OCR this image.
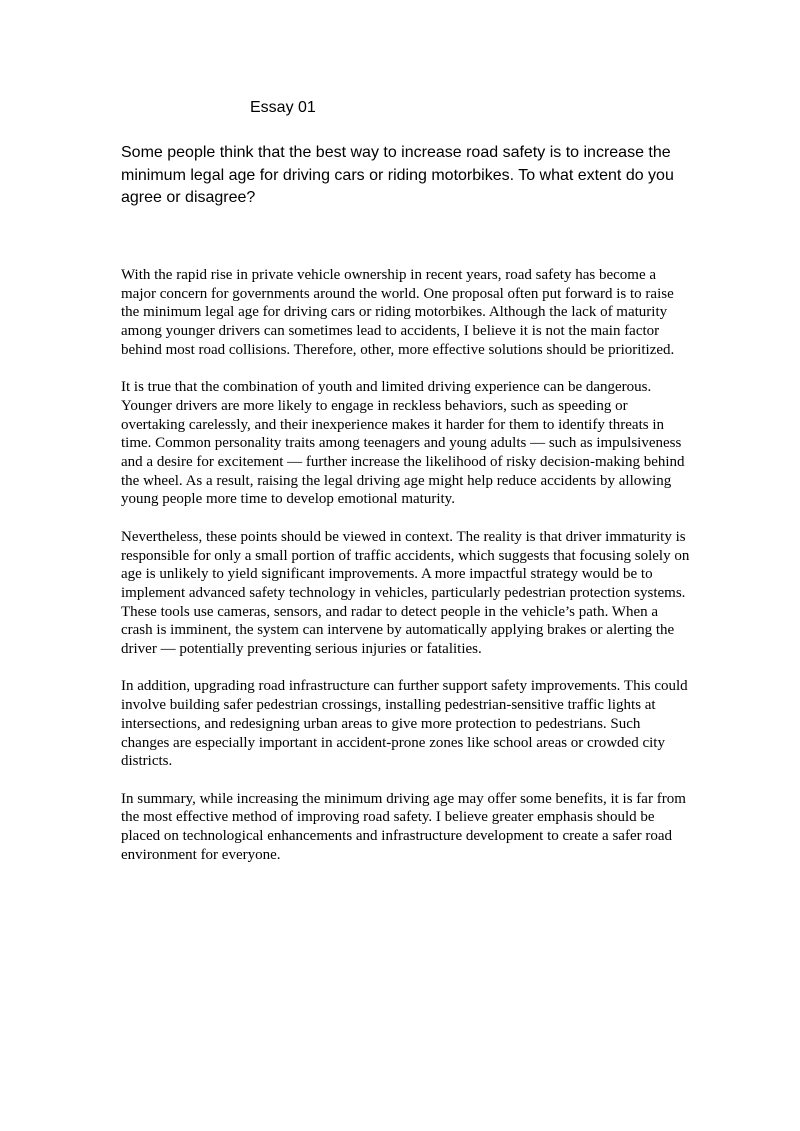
Essay 01

Some people think that the best way to increase road safety is to increase the minimum legal age for driving cars or riding motorbikes. To what extent do you agree or disagree?

With the rapid rise in private vehicle ownership in recent years, road safety has become a major concern for governments around the world. One proposal often put forward is to raise the minimum legal age for driving cars or riding motorbikes. Although the lack of maturity among younger drivers can sometimes lead to accidents, I believe it is not the main factor behind most road collisions. Therefore, other, more effective solutions should be prioritized.

It is true that the combination of youth and limited driving experience can be dangerous. Younger drivers are more likely to engage in reckless behaviors, such as speeding or overtaking carelessly, and their inexperience makes it harder for them to identify threats in time. Common personality traits among teenagers and young adults — such as impulsiveness and a desire for excitement — further increase the likelihood of risky decision-making behind the wheel. As a result, raising the legal driving age might help reduce accidents by allowing young people more time to develop emotional maturity.

Nevertheless, these points should be viewed in context. The reality is that driver immaturity is responsible for only a small portion of traffic accidents, which suggests that focusing solely on age is unlikely to yield significant improvements. A more impactful strategy would be to implement advanced safety technology in vehicles, particularly pedestrian protection systems. These tools use cameras, sensors, and radar to detect people in the vehicle’s path. When a crash is imminent, the system can intervene by automatically applying brakes or alerting the driver — potentially preventing serious injuries or fatalities.

In addition, upgrading road infrastructure can further support safety improvements. This could involve building safer pedestrian crossings, installing pedestrian-sensitive traffic lights at intersections, and redesigning urban areas to give more protection to pedestrians. Such changes are especially important in accident-prone zones like school areas or crowded city districts.

In summary, while increasing the minimum driving age may offer some benefits, it is far from the most effective method of improving road safety. I believe greater emphasis should be placed on technological enhancements and infrastructure development to create a safer road environment for everyone.
